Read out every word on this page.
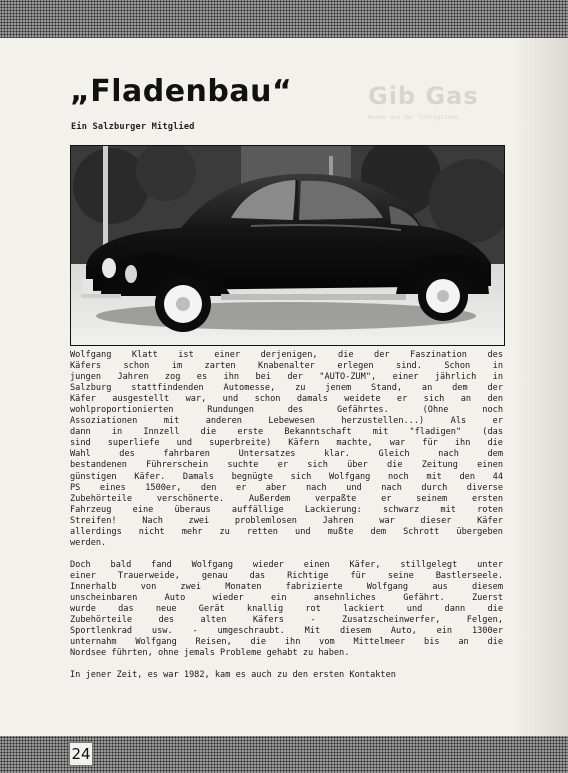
Gib Gas
Neues aus der Tuningszene
„Fladenbau“
Ein Salzburger Mitglied

Wolfgang Klatt ist einer derjenigen, die der Faszination des
Käfers schon im zarten Knabenalter erlegen sind. Schon in
jungen Jahren zog es ihn bei der "AUTO-ZUM", einer jährlich in
Salzburg stattfindenden Automesse, zu jenem Stand, an dem der
Käfer ausgestellt war, und schon damals weidete er sich an den
wohlproportionierten Rundungen des Gefährtes. (Ohne noch
Assoziationen mit anderen Lebewesen herzustellen...) Als er
dann in Innzell die erste Bekanntschaft mit "fladigen" (das
sind superliefe und superbreite) Käfern machte, war für ihn die
Wahl des fahrbaren Untersatzes klar. Gleich nach dem
bestandenen Führerschein suchte er sich über die Zeitung einen
günstigen Käfer. Damals begnügte sich Wolfgang noch mit den 44
PS eines 1500er, den er aber nach und nach durch diverse
Zubehörteile verschönerte. Außerdem verpaßte er seinem ersten
Fahrzeug eine überaus auffällige Lackierung: schwarz mit roten
Streifen! Nach zwei problemlosen Jahren war dieser Käfer
allerdings nicht mehr zu retten und mußte dem Schrott übergeben
werden.

Doch bald fand Wolfgang wieder einen Käfer, stillgelegt unter
einer Trauerweide, genau das Richtige für seine Bastlerseele.
Innerhalb von zwei Monaten fabrizierte Wolfgang aus diesem
unscheinbaren Auto wieder ein ansehnliches Gefährt. Zuerst
wurde das neue Gerät knallig rot lackiert und dann die
Zubehörteile des alten Käfers - Zusatzscheinwerfer, Felgen,
Sportlenkrad usw. - umgeschraubt. Mit diesem Auto, ein 1300er
unternahm Wolfgang Reisen, die ihn vom Mittelmeer bis an die
Nordsee führten, ohne jemals Probleme gehabt zu haben.

In jener Zeit, es war 1982, kam es auch zu den ersten Kontakten

24
